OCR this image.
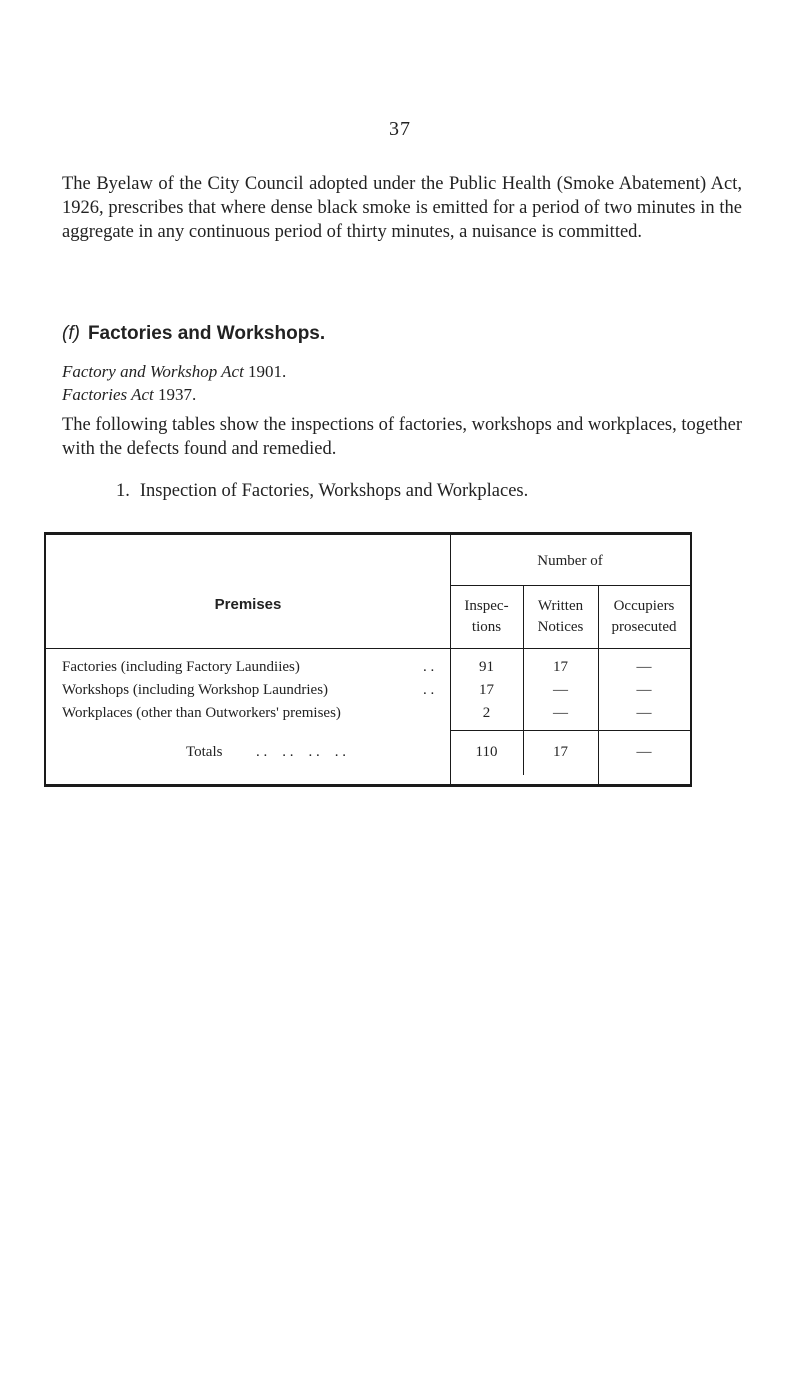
37
The Byelaw of the City Council adopted under the Public Health (Smoke Abatement) Act, 1926, prescribes that where dense black smoke is emitted for a period of two minutes in the aggregate in any continuous period of thirty minutes, a nuisance is committed.
(f) Factories and Workshops.
Factory and Workshop Act 1901.
Factories Act 1937.
The following tables show the inspections of factories, workshops and workplaces, together with the defects found and remedied.
1. Inspection of Factories, Workshops and Workplaces.
Premises
Number of
Inspec-
tions
Written
Notices
Occupiers
prosecuted
Factories (including Factory Laundiies)	. .	91	17	—
Workshops (including Workshop Laundries)	. .	17	—	—
Workplaces (other than Outworkers' premises)	2	—	—
Totals . .    . .    . .    . .	110	17	—
